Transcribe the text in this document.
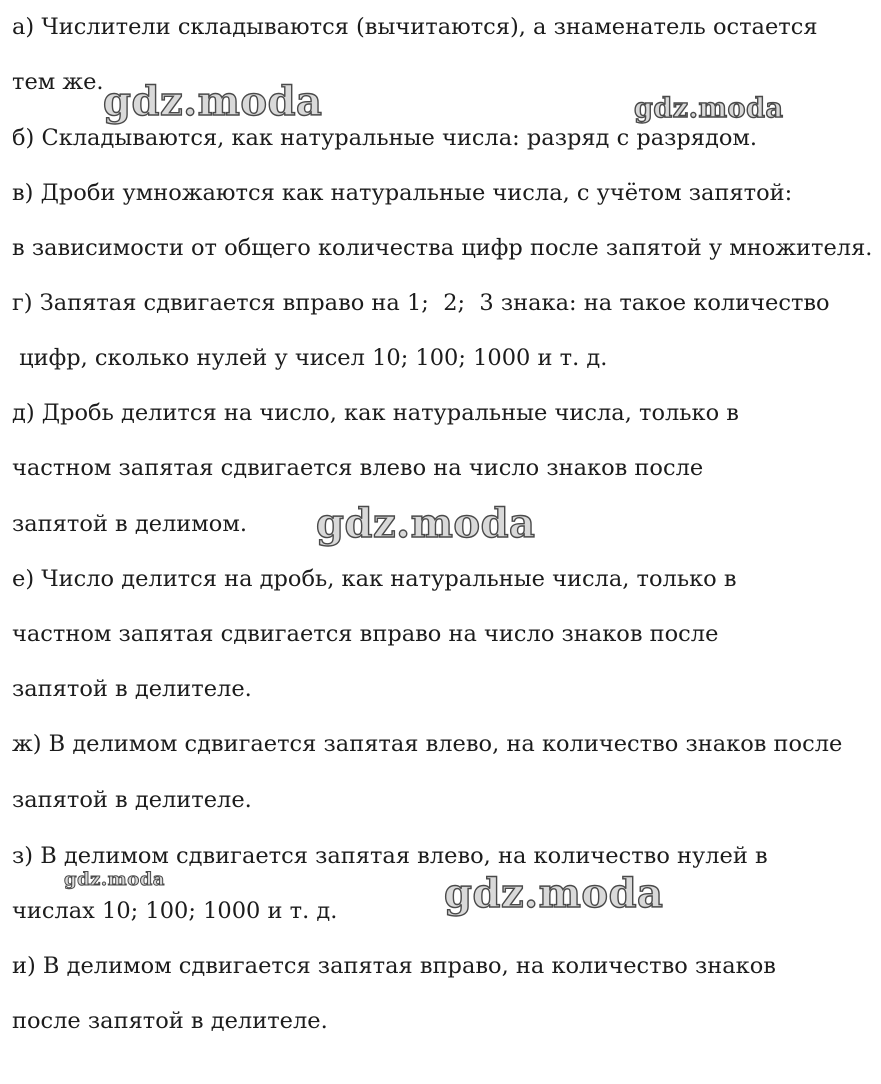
а) Числители складываются (вычитаются), а знаменатель остается
тем же.
б) Складываются, как натуральные числа: разряд с разрядом.
в) Дроби умножаются как натуральные числа, с учётом запятой:
в зависимости от общего количества цифр после запятой у множителя.
г) Запятая сдвигается вправо на 1;  2;  3 знака: на такое количество
цифр, сколько нулей у чисел 10; 100; 1000 и т. д.
д) Дробь делится на число, как натуральные числа, только в
частном запятая сдвигается влево на число знаков после
запятой в делимом.
е) Число делится на дробь, как натуральные числа, только в
частном запятая сдвигается вправо на число знаков после
запятой в делителе.
ж) В делимом сдвигается запятая влево, на количество знаков после
запятой в делителе.
з) В делимом сдвигается запятая влево, на количество нулей в
числах 10; 100; 1000 и т. д.
и) В делимом сдвигается запятая вправо, на количество знаков
после запятой в делителе.
gdz.moda	gdz.moda
gdz.moda
gdz.moda	gdz.moda
